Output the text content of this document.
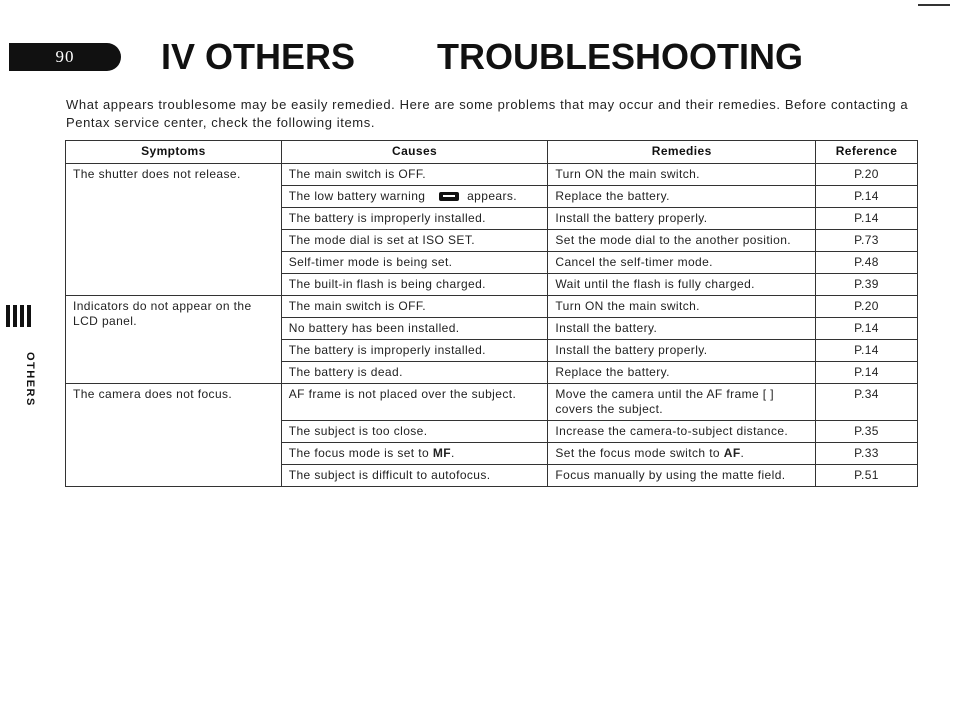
90 IV OTHERS TROUBLESHOOTING
What appears troublesome may be easily remedied. Here are some problems that may occur and their remedies. Before contacting a Pentax service center, check the following items.
OTHERS
Symptoms	Causes	Remedies	Reference
The shutter does not release.	The main switch is OFF.	Turn ON the main switch.	P.20
	The low battery warning appears.	Replace the battery.	P.14
	The battery is improperly installed.	Install the battery properly.	P.14
	The mode dial is set at ISO SET.	Set the mode dial to the another position.	P.73
	Self-timer mode is being set.	Cancel the self-timer mode.	P.48
	The built-in flash is being charged.	Wait until the flash is fully charged.	P.39
Indicators do not appear on the LCD panel.	The main switch is OFF.	Turn ON the main switch.	P.20
	No battery has been installed.	Install the battery.	P.14
	The battery is improperly installed.	Install the battery properly.	P.14
	The battery is dead.	Replace the battery.	P.14
The camera does not focus.	AF frame is not placed over the subject.	Move the camera until the AF frame [ ] covers the subject.	P.34
	The subject is too close.	Increase the camera-to-subject distance.	P.35
	The focus mode is set to MF.	Set the focus mode switch to AF.	P.33
	The subject is difficult to autofocus.	Focus manually by using the matte field.	P.51
